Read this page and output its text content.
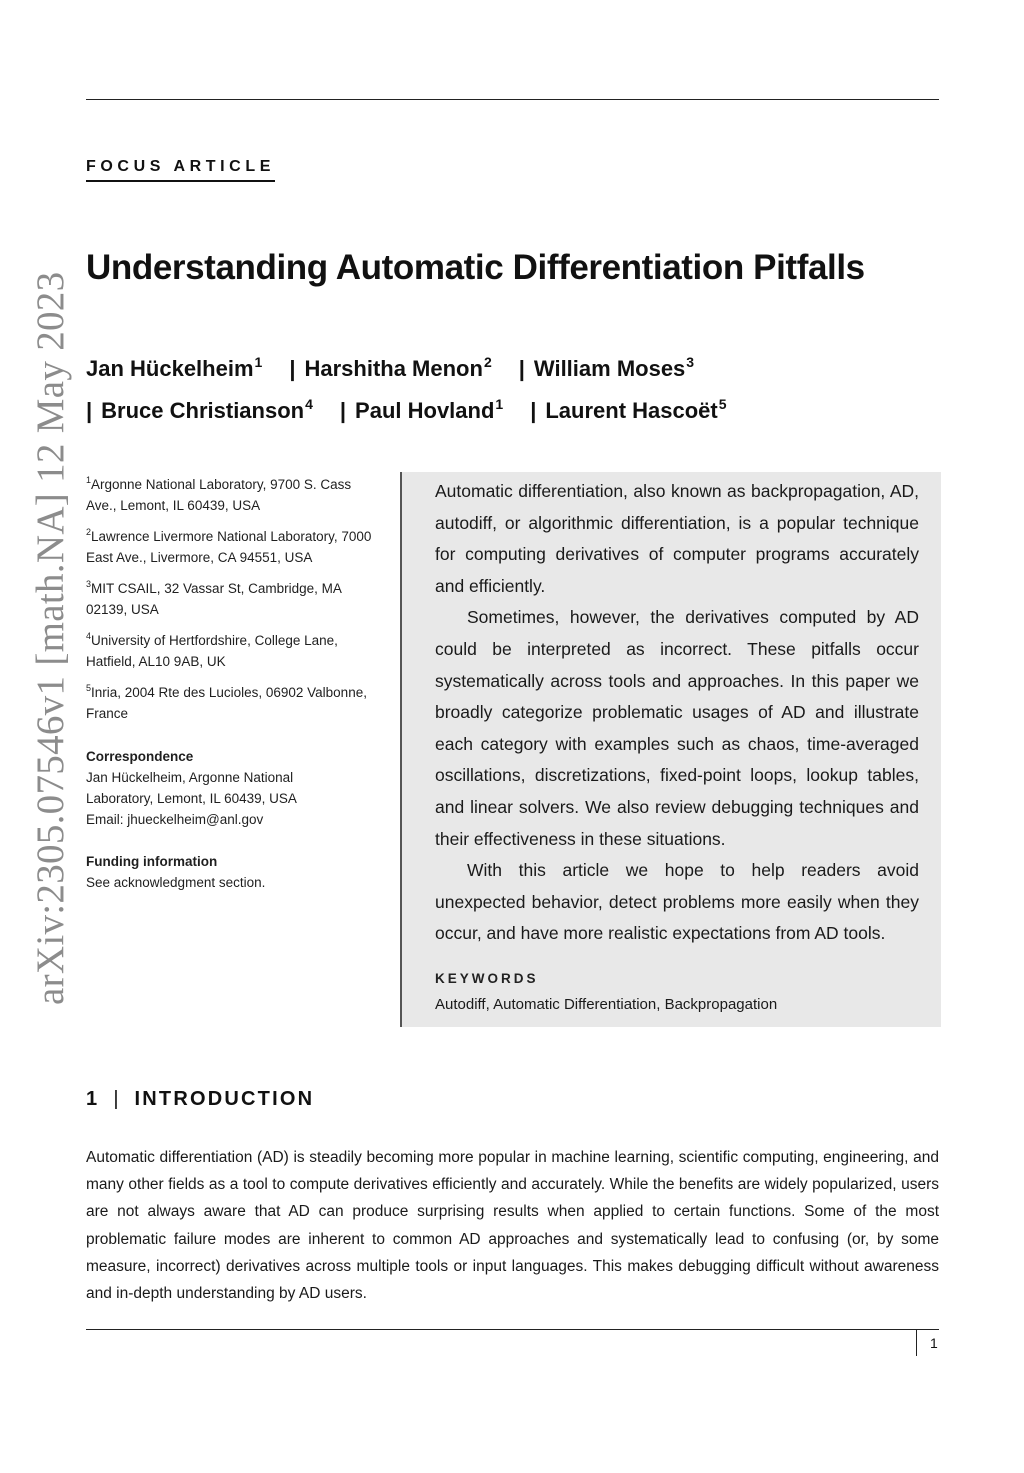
FOCUS ARTICLE
arXiv:2305.07546v1 [math.NA] 12 May 2023
Understanding Automatic Differentiation Pitfalls
Jan Hückelheim$^1$ | Harshitha Menon$^2$ | William Moses$^3$
| Bruce Christianson$^4$ | Paul Hovland$^1$ | Laurent Hascoët$^5$
$^1$Argonne National Laboratory, 9700 S. Cass Ave., Lemont, IL 60439, USA
$^2$Lawrence Livermore National Laboratory, 7000 East Ave., Livermore, CA 94551, USA
$^3$MIT CSAIL, 32 Vassar St, Cambridge, MA 02139, USA
$^4$University of Hertfordshire, College Lane, Hatfield, AL10 9AB, UK
$^5$Inria, 2004 Rte des Lucioles, 06902 Valbonne, France
Correspondence
Jan Hückelheim, Argonne National
Laboratory, Lemont, IL 60439, USA
Email: jhueckelheim@anl.gov
Funding information
See acknowledgment section.

Automatic differentiation, also known as backpropagation, AD, autodiff, or algorithmic differentiation, is a popular technique for computing derivatives of computer programs accurately and efficiently.

Sometimes, however, the derivatives computed by AD could be interpreted as incorrect. These pitfalls occur systematically across tools and approaches. In this paper we broadly categorize problematic usages of AD and illustrate each category with examples such as chaos, time-averaged oscillations, discretizations, fixed-point loops, lookup tables, and linear solvers. We also review debugging techniques and their effectiveness in these situations.

With this article we hope to help readers avoid unexpected behavior, detect problems more easily when they occur, and have more realistic expectations from AD tools.

KEYWORDS
Autodiff, Automatic Differentiation, Backpropagation
1 | INTRODUCTION
Automatic differentiation (AD) is steadily becoming more popular in machine learning, scientific computing, engineering, and many other fields as a tool to compute derivatives efficiently and accurately. While the benefits are widely popularized, users are not always aware that AD can produce surprising results when applied to certain functions. Some of the most problematic failure modes are inherent to common AD approaches and systematically lead to confusing (or, by some measure, incorrect) derivatives across multiple tools or input languages. This makes debugging difficult without awareness and in-depth understanding by AD users.
1
